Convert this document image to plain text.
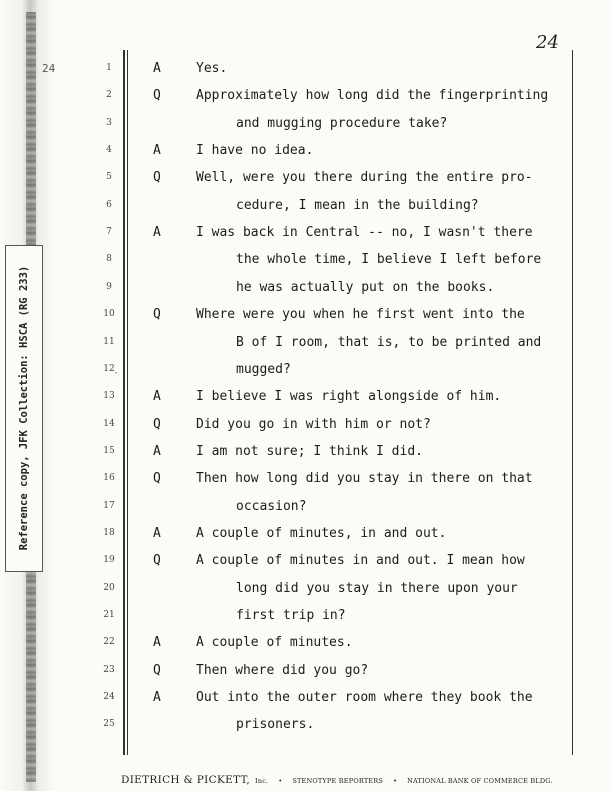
24
Reference copy, JFK Collection: HSCA (RG 233)
24
·
1	A	Yes.
2	Q	Approximately how long did the fingerprinting
3	and mugging procedure take?
4	A	I have no idea.
5	Q	Well, were you there during the entire pro-
6	cedure, I mean in the building?
7	A	I was back in Central -- no, I wasn't there
8	the whole time, I believe I left before
9	he was actually put on the books.
10	Q	Where were you when he first went into the
11	B of I room, that is, to be printed and
12	mugged?
13	A	I believe I was right alongside of him.
14	Q	Did you go in with him or not?
15	A	I am not sure; I think I did.
16	Q	Then how long did you stay in there on that
17	occasion?
18	A	A couple of minutes, in and out.
19	Q	A couple of minutes in and out. I mean how
20	long did you stay in there upon your
21	first trip in?
22	A	A couple of minutes.
23	Q	Then where did you go?
24	A	Out into the outer room where they book the
25	prisoners.
DIETRICH & PICKETT, Inc. • STENOTYPE REPORTERS • NATIONAL BANK OF COMMERCE BLDG.
